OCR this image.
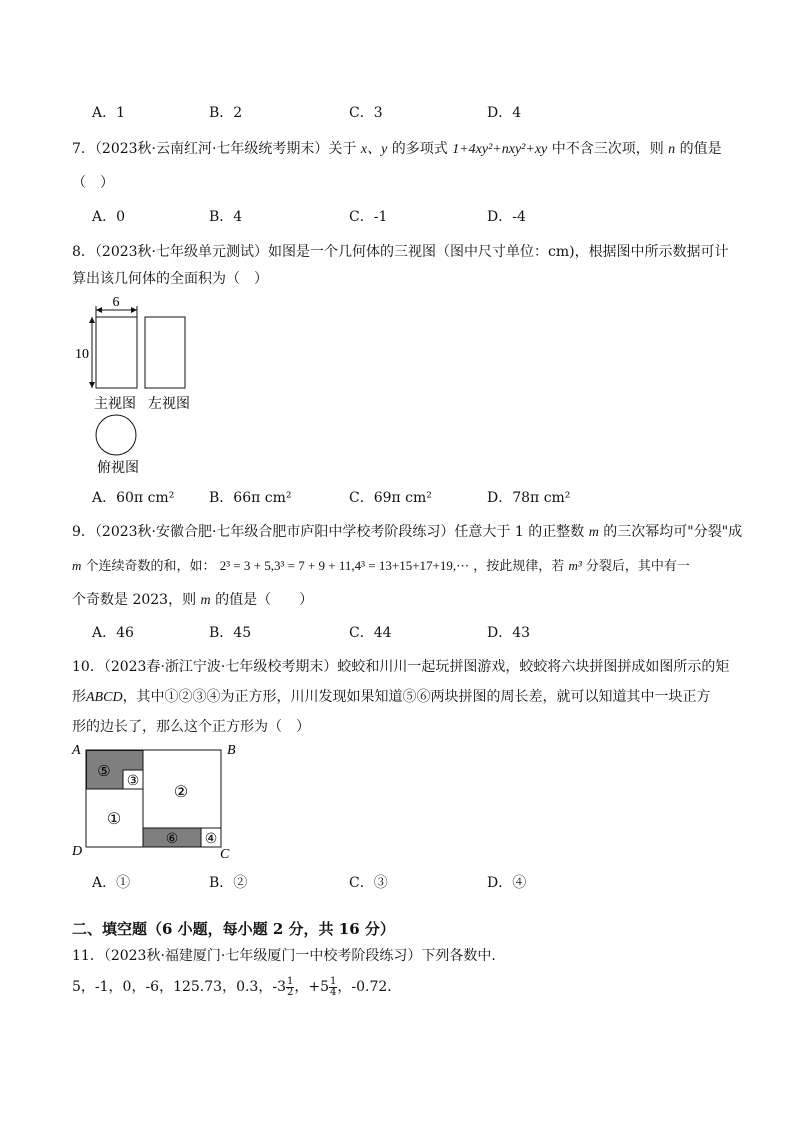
A．1	B．2	C．3	D．4
7．（2023秋·云南红河·七年级统考期末）关于 x、y 的多项式 1+4xy²+nxy²+xy 中不含三次项，则 n 的值是
（　）
A．0	B．4	C．-1	D．-4
8．（2023秋·七年级单元测试）如图是一个几何体的三视图（图中尺寸单位：cm)，根据图中所示数据可计
算出该几何体的全面积为（　）
6
10
主视图 左视图
俯视图
A．60π cm² B．66π cm²	C．69π cm²	D．78π cm²
9．（2023秋·安徽合肥·七年级合肥市庐阳中学校考阶段练习）任意大于 1 的正整数 m 的三次幂均可"分裂"成
m 个连续奇数的和，如： 2³ = 3 + 5,3³ = 7 + 9 + 11,4³ = 13+15+17+19,⋯ ，按此规律，若 m³ 分裂后，其中有一
个奇数是 2023，则 m 的值是（　　）
A．46	B．45	C．44	D．43
10．（2023春·浙江宁波·七年级校考期末）蛟蛟和川川一起玩拼图游戏，蛟蛟将六块拼图拼成如图所示的矩
形ABCD，其中①②③④为正方形，川川发现如果知道⑤⑥两块拼图的周长差，就可以知道其中一块正方
形的边长了，那么这个正方形为（　）
⑤
③
①
②
⑥ ④
A	B
C
D
A．①	B．②	C．③	D．④
二、填空题（6 小题，每小题 2 分，共 16 分）
11．（2023秋·福建厦门·七年级厦门一中校考阶段练习）下列各数中.
5，-1，0，-6，125.73，0.3，$-3 \frac{1}{2}$ ，$+5 \frac{1}{4}$ ，-0.72．
